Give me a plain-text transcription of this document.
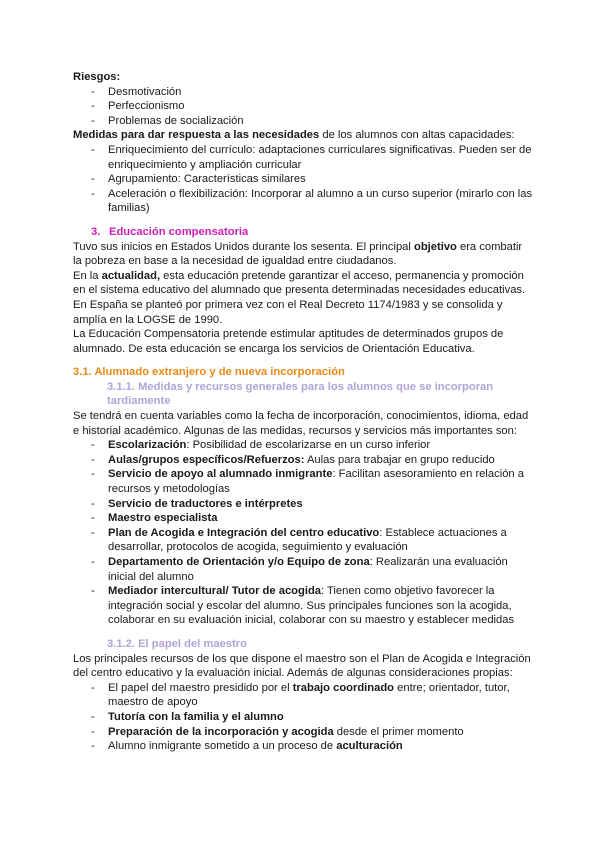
Riesgos:

- Desmotivación
- Perfeccionismo
- Problemas de socialización

Medidas para dar respuesta a las necesidades de los alumnos con altas capacidades:

- Enriquecimiento del currículo: adaptaciones curriculares significativas. Pueden ser de enriquecimiento y ampliación curricular
- Agrupamiento: Características similares
- Aceleración o flexibilización: Incorporar al alumno a un curso superior (mirarlo con las familias)

3. Educación compensatoria

Tuvo sus inicios en Estados Unidos durante los sesenta. El principal objetivo era combatir la pobreza en base a la necesidad de igualdad entre ciudadanos.

En la actualidad, esta educación pretende garantizar el acceso, permanencia y promoción en el sistema educativo del alumnado que presenta determinadas necesidades educativas. En España se planteó por primera vez con el Real Decreto 1174/1983 y se consolida y amplía en la LOGSE de 1990.

La Educación Compensatoria pretende estimular aptitudes de determinados grupos de alumnado. De esta educación se encarga los servicios de Orientación Educativa.

3.1. Alumnado extranjero y de nueva incorporación

3.1.1. Medidas y recursos generales para los alumnos que se incorporan tardiamente

Se tendrá en cuenta variables como la fecha de incorporación, conocimientos, idioma, edad e historial académico. Algunas de las medidas, recursos y servicios más importantes son:

- Escolarización: Posibilidad de escolarizarse en un curso inferior
- Aulas/grupos específicos/Refuerzos: Aulas para trabajar en grupo reducido
- Servicio de apoyo al alumnado inmigrante: Facilitan asesoramiento en relación a recursos y metodologías
- Servicio de traductores e intérpretes
- Maestro especialista
- Plan de Acogida e Integración del centro educativo: Establece actuaciones a desarrollar, protocolos de acogida, seguimiento y evaluación
- Departamento de Orientación y/o Equipo de zona: Realizarán una evaluación inicial del alumno
- Mediador intercultural/ Tutor de acogida: Tienen como objetivo favorecer la integración social y escolar del alumno. Sus principales funciones son la acogida, colaborar en su evaluación inicial, colaborar con su maestro y establecer medidas

3.1.2. El papel del maestro

Los principales recursos de los que dispone el maestro son el Plan de Acogida e Integración del centro educativo y la evaluación inicial. Además de algunas consideraciones propias:

- El papel del maestro presidido por el trabajo coordinado entre; orientador, tutor, maestro de apoyo
- Tutoría con la familia y el alumno
- Preparación de la incorporación y acogida desde el primer momento
- Alumno inmigrante sometido a un proceso de aculturación
